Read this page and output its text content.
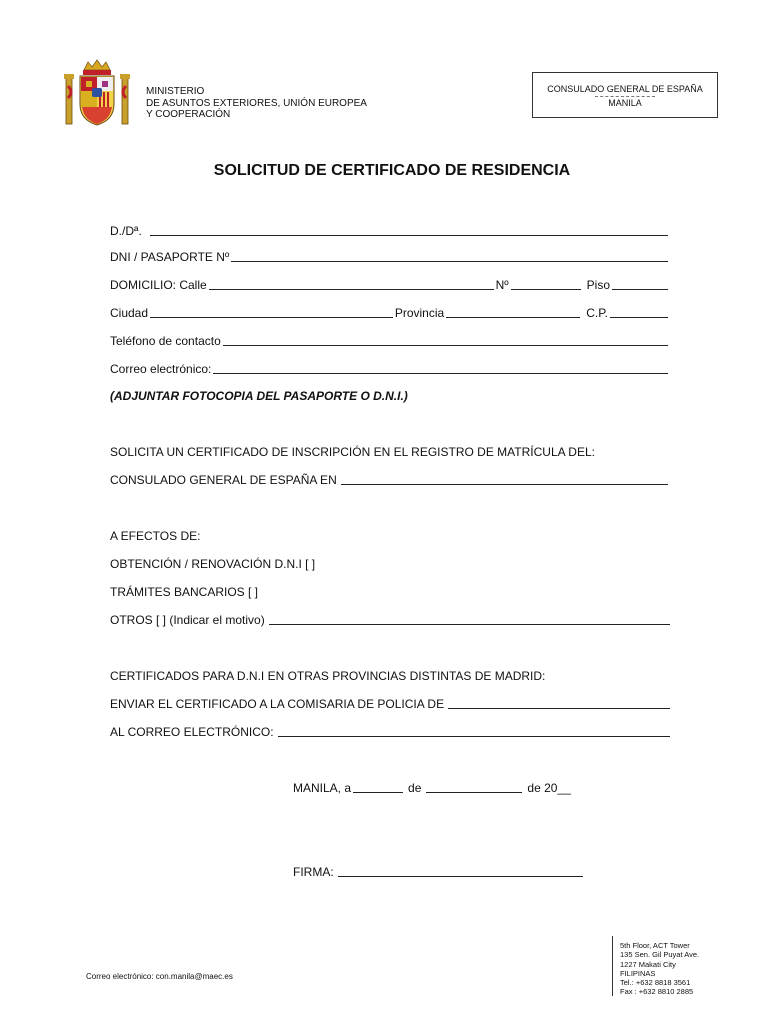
MINISTERIO
DE ASUNTOS EXTERIORES, UNIÓN EUROPEA
Y COOPERACIÓN
CONSULADO GENERAL DE ESPAÑA
MANILA
SOLICITUD DE CERTIFICADO DE RESIDENCIA
D./Dª.
DNI / PASAPORTE Nº
DOMICILIO: Calle	Nº	Piso
Ciudad	Provincia	C.P.
Teléfono de contacto
Correo electrónico:
(ADJUNTAR FOTOCOPIA DEL PASAPORTE O D.N.I.)
SOLICITA UN CERTIFICADO DE INSCRIPCIÓN EN EL REGISTRO DE MATRÍCULA DEL:
CONSULADO GENERAL DE ESPAÑA EN
A EFECTOS DE:
OBTENCIÓN / RENOVACIÓN D.N.I [ ]
TRÁMITES BANCARIOS [ ]
OTROS [ ] (Indicar el motivo)
CERTIFICADOS PARA D.N.I EN OTRAS PROVINCIAS DISTINTAS DE MADRID:
ENVIAR EL CERTIFICADO A LA COMISARIA DE POLICIA DE
AL CORREO ELECTRÓNICO:
MANILA, a	de	de 20__
FIRMA:
Correo electrónico: con.manila@maec.es
5th Floor, ACT Tower
135 Sen. Gil Puyat Ave.
1227 Makati City
FILIPINAS
Tel.: +632 8818 3561
Fax : +632 8810 2885
